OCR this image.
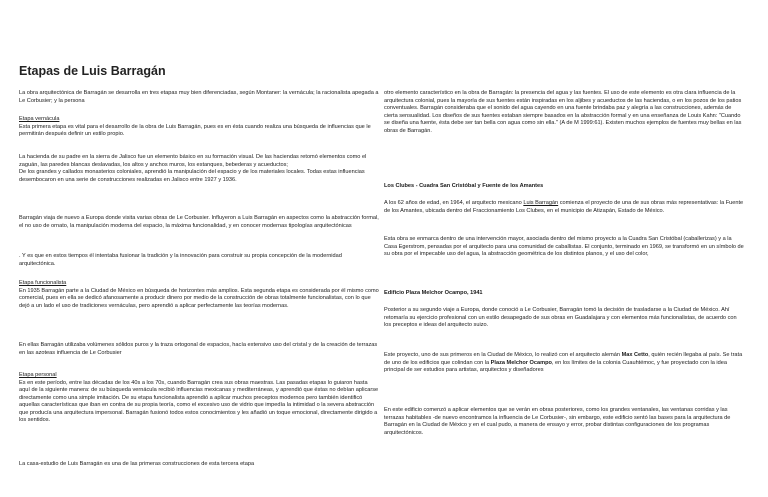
Etapas de Luis Barragán

La obra arquitectónica de Barragán se desarrolla en tres etapas muy bien diferenciadas, según Montaner: la vernácula; la racionalista apegada a Le Corbusier; y la persona

Etapa vernácula

Esta primera etapa es vital para el desarrollo de la obra de Luis Barragán, pues es en ésta cuando realiza una búsqueda de influencias que le permitirán después definir un estilo propio.

La hacienda de su padre en la sierra de Jalisco fue un elemento básico en su formación visual. De las haciendas retomó elementos como el zaguán, las paredes blancas deslavadas, los altos y anchos muros, los estanques, bebederas y acueductos;

De los grandes y callados monasterios coloniales, aprendió la manipulación del espacio y de los materiales locales. Todas estas influencias desembocaron en una serie de construcciones realizadas en Jalisco entre 1927 y 1936.

Barragán viaja de nuevo a Europa donde visita varias obras de Le Corbusier. Influyeron a Luis Barragán en aspectos como la abstracción formal, el no uso de ornato, la manipulación moderna del espacio, la máxima funcionalidad, y en conocer modernas tipologías arquitectónicas

. Y es que en estos tiempos él intentaba fusionar la tradición y la innovación para construir su propia concepción de la modernidad arquitectónica.

Etapa funcionalista

En 1935 Barragán parte a la Ciudad de México en búsqueda de horizontes más amplios. Esta segunda etapa es considerada por él mismo como comercial, pues en ella se dedicó afanosamente a producir dinero por medio de la construcción de obras totalmente funcionalistas, con lo que dejó a un lado el uso de tradiciones vernáculas, pero aprendió a aplicar perfectamente las teorías modernas.

En ellas Barragán utilizaba volúmenes sólidos puros y la traza ortogonal de espacios, hacía extensivo uso del cristal y de la creación de terrazas en las azoteas influencia de Le Corbusier

Etapa personal

Es en este período, entre las décadas de los 40s a los 70s, cuando Barragán crea sus obras maestras. Las pasadas etapas lo guiaron hasta aquí de la siguiente manera: de su búsqueda vernácula recibió influencias mexicanas y mediterráneas, y aprendió que éstas no debían aplicarse directamente como una simple imitación. De su etapa funcionalista aprendió a aplicar muchos preceptos modernos pero también identificó aquellas características que iban en contra de su propia teoría, como el excesivo uso de vidrio que impedía la intimidad o la severa abstracción que producía una arquitectura impersonal. Barragán fusionó todos estos conocimientos y les añadió un toque emocional, directamente dirigido a los sentidos.

La casa-estudio de Luis Barragán es una de las primeras construcciones de esta tercera etapa

otro elemento característico en la obra de Barragán: la presencia del agua y las fuentes. El uso de este elemento es otra clara influencia de la arquitectura colonial, pues la mayoría de sus fuentes están inspiradas en los aljibes y acueductos de las haciendas, o en los pozos de los patios conventuales. Barragán consideraba que el sonido del agua cayendo en una fuente brindaba paz y alegría a las construcciones, además de cierta sensualidad. Los diseños de sus fuentes estaban siempre basados en la abstracción formal y en una enseñanza de Louis Kahn: "Cuando se diseña una fuente, ésta debe ser tan bella con agua como sin ella." (A de M 1999:61). Existen muchos ejemplos de fuentes muy bellas en las obras de Barragán.

Los Clubes - Cuadra San Cristóbal y Fuente de los Amantes

A los 62 años de edad, en 1964, el arquitecto mexicano Luis Barragán comienza el proyecto de una de sus obras más representativas: la Fuente de los Amantes, ubicada dentro del Fraccionamiento Los Clubes, en el municipio de Atizapán, Estado de México.

Esta obra se enmarca dentro de una intervención mayor, asociada dentro del mismo proyecto a la Cuadra San Cristóbal (caballerizas) y a la Casa Egerstrom, pensadas por el arquitecto para una comunidad de caballistas. El conjunto, terminado en 1969, se transformó en un símbolo de su obra por el impecable uso del agua, la abstracción geométrica de los distintos planos, y el uso del color,

Edificio Plaza Melchor Ocampo, 1941

Posterior a su segundo viaje a Europa, donde conoció a Le Corbusier, Barragán tomó la decisión de trasladarse a la Ciudad de México. Ahí retomaría su ejercicio profesional con un estilo desapegado de sus obras en Guadalajara y con elementos más funcionalistas, de acuerdo con los preceptos e ideas del arquitecto suizo.

Este proyecto, uno de sus primeros en la Ciudad de México, lo realizó con el arquitecto alemán Max Cetto, quién recién llegaba al país. Se trata de uno de los edificios que colindan con la Plaza Melchor Ocampo, en los límites de la colonia Cuauhtémoc, y fue proyectado con la idea principal de ser estudios para artistas, arquitectos y diseñadores

En este edificio comenzó a aplicar elementos que se verán en obras posteriores, como los grandes ventanales, las ventanas corridas y las terrazas habitables -de nuevo encontramos la influencia de Le Corbusier-, sin embargo, este edificio sentó las bases para la arquitectura de Barragán en la Ciudad de México y en el cual pudo, a manera de ensayo y error, probar distintas configuraciones de los programas arquitectónicos.
